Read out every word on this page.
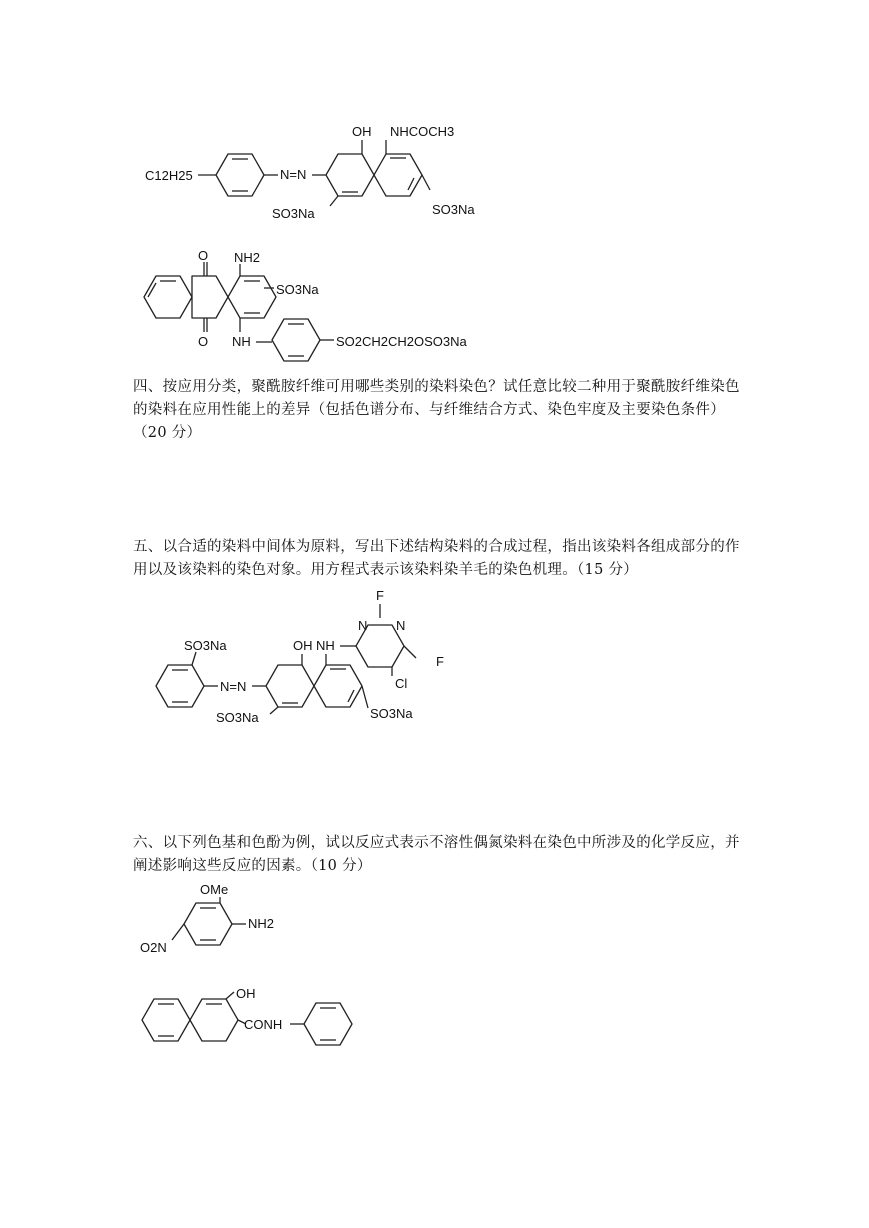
C12H25	N=N
OH NHCOCH3
SO3Na	SO3Na
O
O
NH2
SO3Na
NH	SO2CH2CH2OSO3Na

四、按应用分类，聚酰胺纤维可用哪些类别的染料染色？试任意比较二种用于聚酰胺纤维染色的染料在应用性能上的差异（包括色谱分布、与纤维结合方式、染色牢度及主要染色条件）（20 分）

五、以合适的染料中间体为原料，写出下述结构染料的合成过程，指出该染料各组成部分的作用以及该染料的染色对象。用方程式表示该染料染羊毛的染色机理。（15 分）

SO3Na
N=N
OH NH
F
N N
F
Cl
SO3Na	SO3Na

六、以下列色基和色酚为例，试以反应式表示不溶性偶氮染料在染色中所涉及的化学反应，并阐述影响这些反应的因素。（10 分）

OMe
NH2
O2N
OH
CONH
